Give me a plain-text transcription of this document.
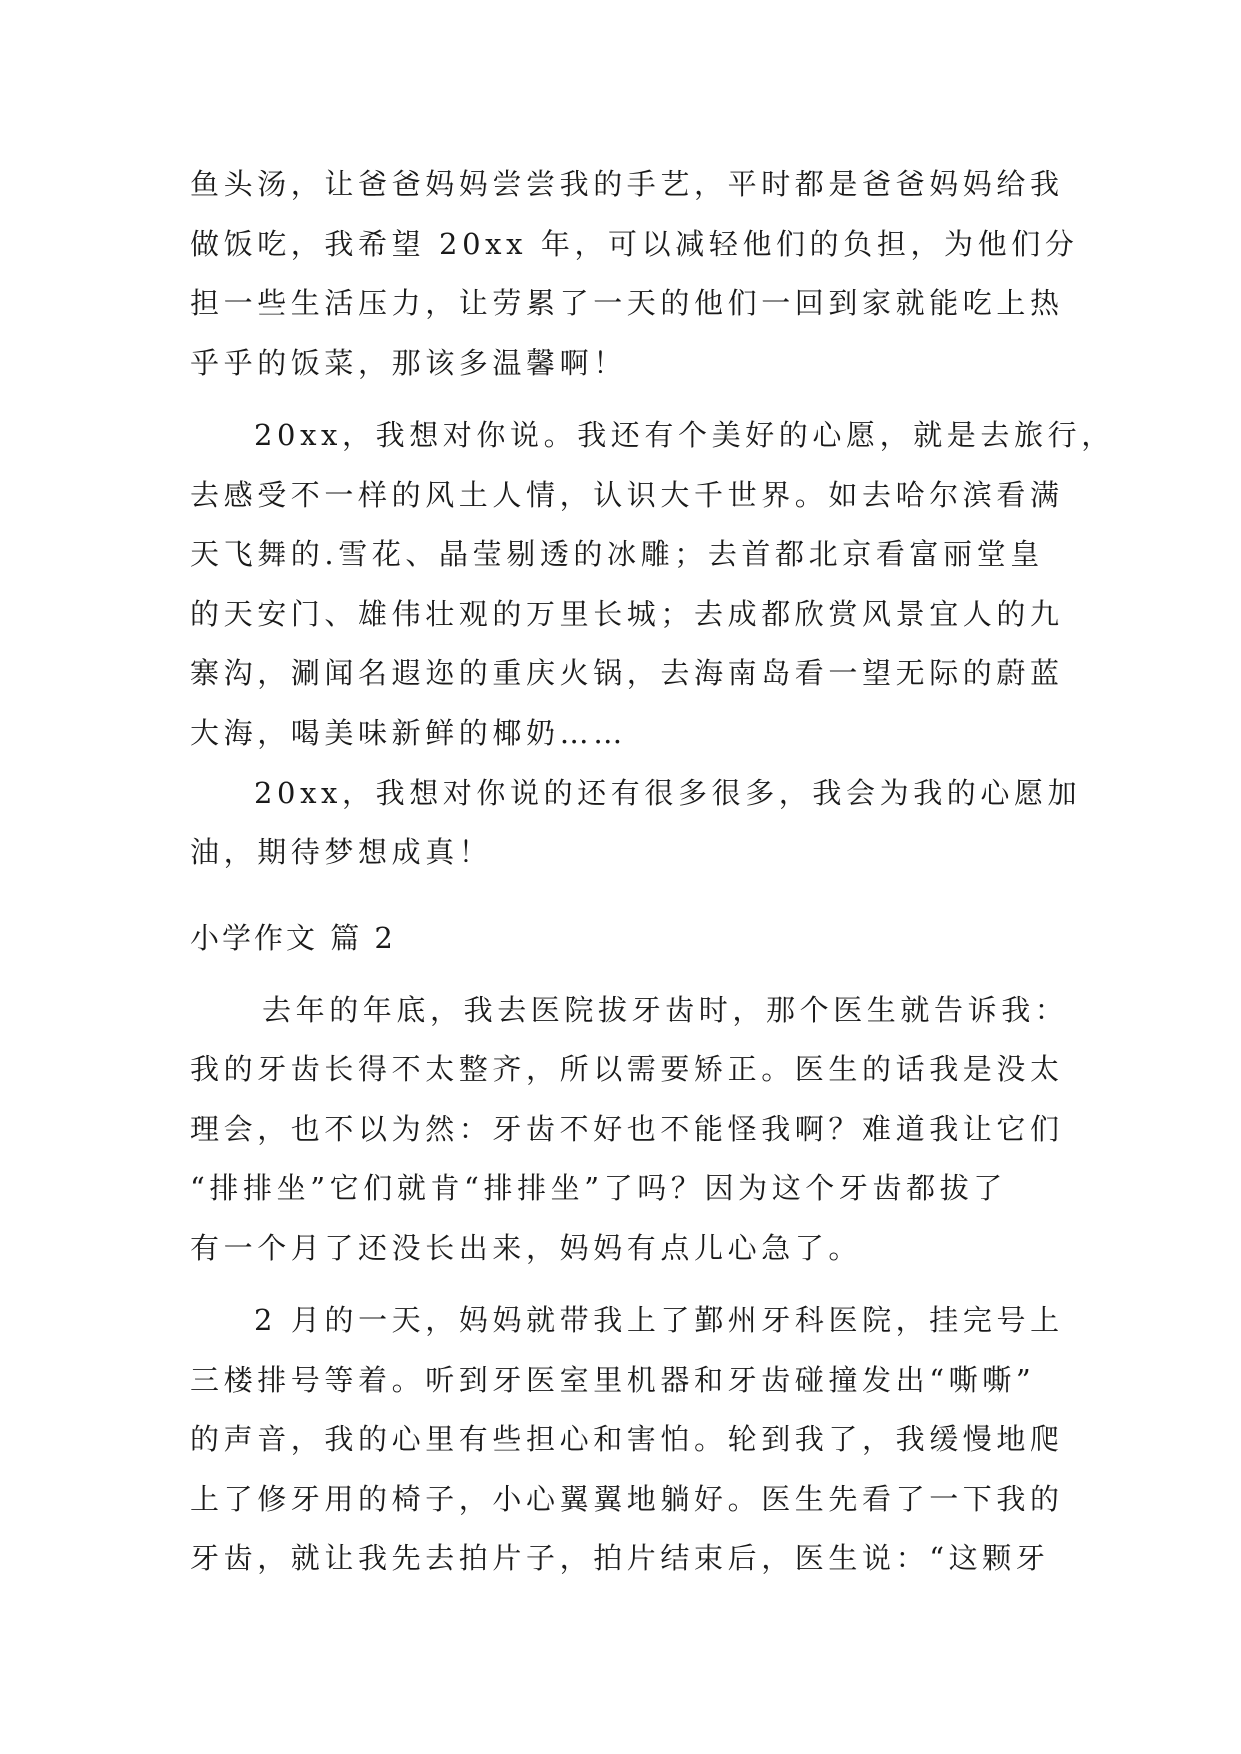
鱼头汤，让爸爸妈妈尝尝我的手艺，平时都是爸爸妈妈给我
做饭吃，我希望 20xx 年，可以减轻他们的负担，为他们分
担一些生活压力，让劳累了一天的他们一回到家就能吃上热
乎乎的饭菜，那该多温馨啊！
20xx，我想对你说。我还有个美好的心愿，就是去旅行，
去感受不一样的风土人情，认识大千世界。如去哈尔滨看满
天飞舞的.雪花、晶莹剔透的冰雕；去首都北京看富丽堂皇
的天安门、雄伟壮观的万里长城；去成都欣赏风景宜人的九
寨沟，涮闻名遐迩的重庆火锅，去海南岛看一望无际的蔚蓝
大海，喝美味新鲜的椰奶……
20xx，我想对你说的还有很多很多，我会为我的心愿加
油，期待梦想成真！
小学作文 篇 2
去年的年底，我去医院拔牙齿时，那个医生就告诉我：
我的牙齿长得不太整齐，所以需要矫正。医生的话我是没太
理会，也不以为然：牙齿不好也不能怪我啊？难道我让它们
“排排坐”它们就肯“排排坐”了吗？因为这个牙齿都拔了
有一个月了还没长出来，妈妈有点儿心急了。
2 月的一天，妈妈就带我上了鄞州牙科医院，挂完号上
三楼排号等着。听到牙医室里机器和牙齿碰撞发出“嘶嘶”
的声音，我的心里有些担心和害怕。轮到我了，我缓慢地爬
上了修牙用的椅子，小心翼翼地躺好。医生先看了一下我的
牙齿，就让我先去拍片子，拍片结束后，医生说：“这颗牙
